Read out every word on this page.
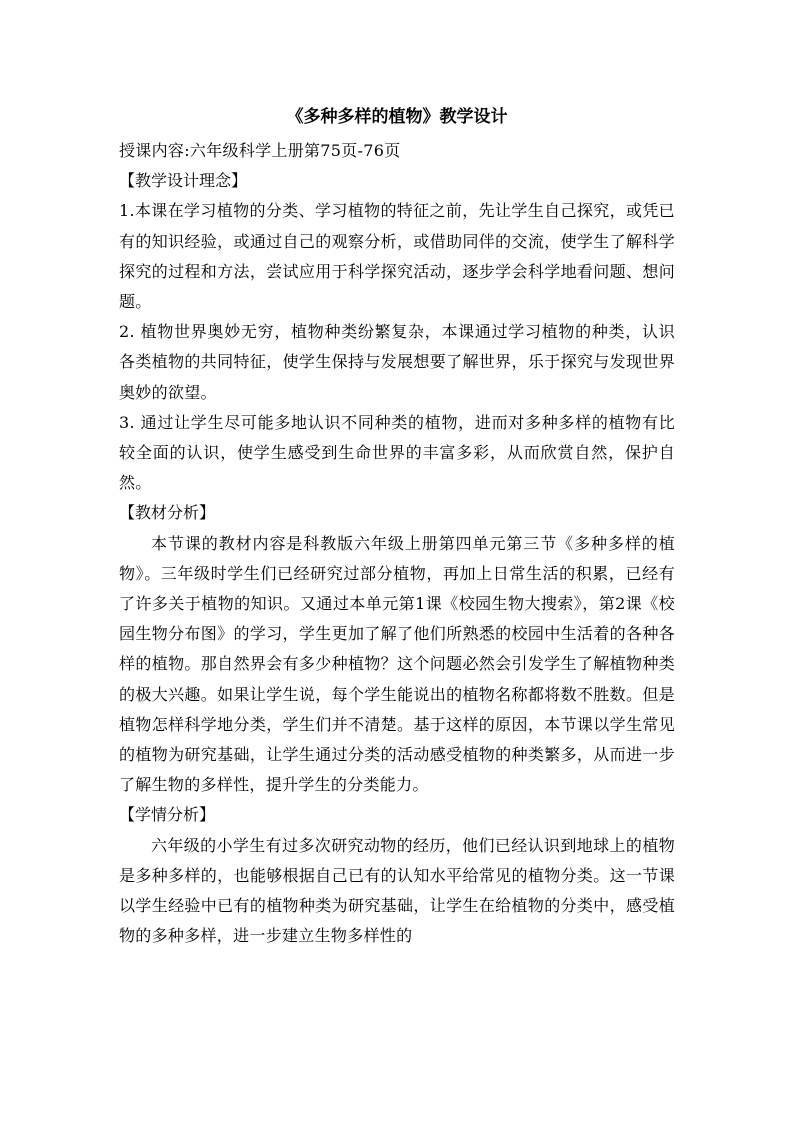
《多种多样的植物》教学设计

授课内容:六年级科学上册第75页-76页

【教学设计理念】

1.本课在学习植物的分类、学习植物的特征之前，先让学生自己探究，或凭已有的知识经验，或通过自己的观察分析，或借助同伴的交流，使学生了解科学探究的过程和方法，尝试应用于科学探究活动，逐步学会科学地看问题、想问题。

2. 植物世界奥妙无穷，植物种类纷繁复杂，本课通过学习植物的种类，认识各类植物的共同特征，使学生保持与发展想要了解世界，乐于探究与发现世界奥妙的欲望。

3. 通过让学生尽可能多地认识不同种类的植物，进而对多种多样的植物有比较全面的认识，使学生感受到生命世界的丰富多彩，从而欣赏自然，保护自然。

【教材分析】

本节课的教材内容是科教版六年级上册第四单元第三节《多种多样的植物》。三年级时学生们已经研究过部分植物，再加上日常生活的积累，已经有了许多关于植物的知识。又通过本单元第1课《校园生物大搜索》，第2课《校园生物分布图》的学习，学生更加了解了他们所熟悉的校园中生活着的各种各样的植物。那自然界会有多少种植物？这个问题必然会引发学生了解植物种类的极大兴趣。如果让学生说，每个学生能说出的植物名称都将数不胜数。但是植物怎样科学地分类，学生们并不清楚。基于这样的原因，本节课以学生常见的植物为研究基础，让学生通过分类的活动感受植物的种类繁多，从而进一步了解生物的多样性，提升学生的分类能力。

【学情分析】

六年级的小学生有过多次研究动物的经历，他们已经认识到地球上的植物是多种多样的，也能够根据自己已有的认知水平给常见的植物分类。这一节课以学生经验中已有的植物种类为研究基础，让学生在给植物的分类中，感受植物的多种多样，进一步建立生物多样性的
